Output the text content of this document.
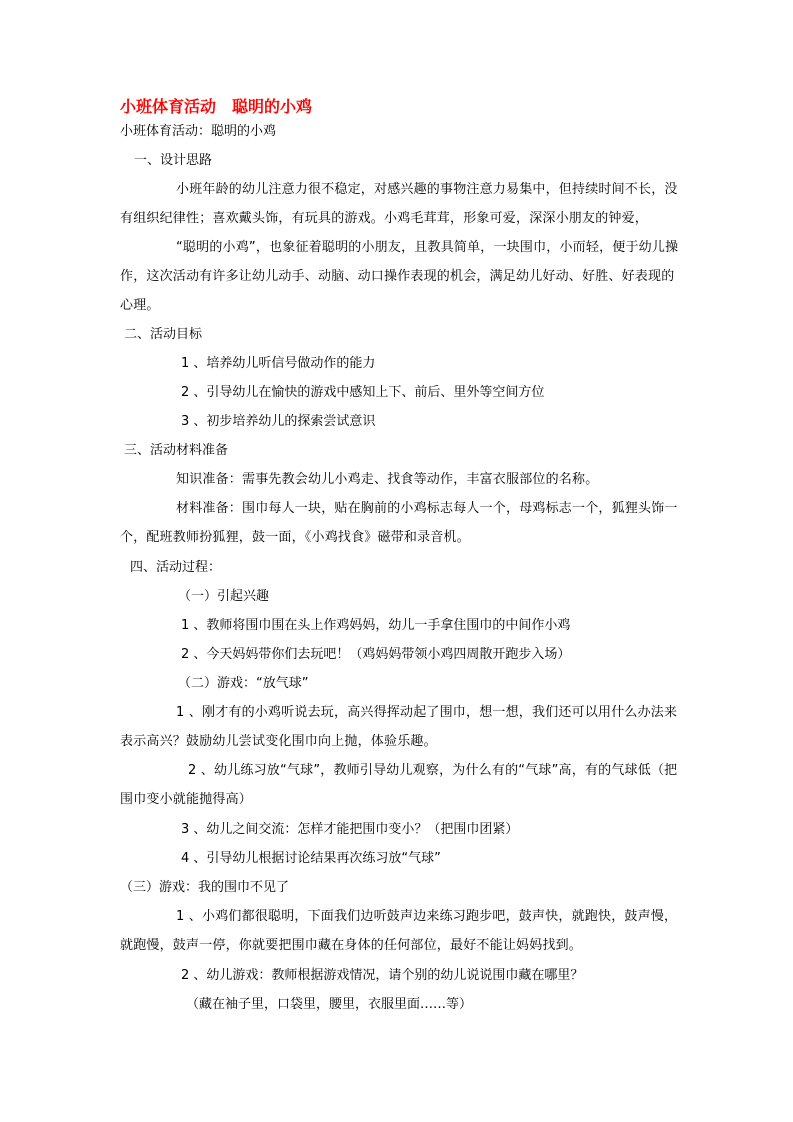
小班体育活动　聪明的小鸡
小班体育活动：聪明的小鸡
一、设计思路
小班年龄的幼儿注意力很不稳定，对感兴趣的事物注意力易集中，但持续时间不长，没有组织纪律性；喜欢戴头饰，有玩具的游戏。小鸡毛茸茸，形象可爱，深深小朋友的钟爱，
“聪明的小鸡”，也象征着聪明的小朋友，且教具简单，一块围巾，小而轻，便于幼儿操作，这次活动有许多让幼儿动手、动脑、动口操作表现的机会，满足幼儿好动、好胜、好表现的心理。
二、活动目标
1 、培养幼儿听信号做动作的能力
2 、引导幼儿在愉快的游戏中感知上下、前后、里外等空间方位
3 、初步培养幼儿的探索尝试意识
三、活动材料准备
知识准备：需事先教会幼儿小鸡走、找食等动作，丰富衣服部位的名称。
材料准备：围巾每人一块，贴在胸前的小鸡标志每人一个，母鸡标志一个，狐狸头饰一个，配班教师扮狐狸，鼓一面，《小鸡找食》磁带和录音机。
四、活动过程：
（一）引起兴趣
1 、教师将围巾围在头上作鸡妈妈，幼儿一手拿住围巾的中间作小鸡
2 、今天妈妈带你们去玩吧！（鸡妈妈带领小鸡四周散开跑步入场）
（二）游戏：“放气球”
1 、刚才有的小鸡听说去玩，高兴得挥动起了围巾，想一想，我们还可以用什么办法来表示高兴？鼓励幼儿尝试变化围巾向上抛，体验乐趣。
2 、幼儿练习放“气球”，教师引导幼儿观察，为什么有的“气球”高，有的气球低（把围巾变小就能抛得高）
3 、幼儿之间交流：怎样才能把围巾变小？（把围巾团紧）
4 、引导幼儿根据讨论结果再次练习放“气球”
（三）游戏：我的围巾不见了
1 、小鸡们都很聪明，下面我们边听鼓声边来练习跑步吧，鼓声快，就跑快，鼓声慢，就跑慢，鼓声一停，你就要把围巾藏在身体的任何部位，最好不能让妈妈找到。
2 、幼儿游戏：教师根据游戏情况，请个别的幼儿说说围巾藏在哪里？
（藏在袖子里，口袋里，腰里，衣服里面……等）
